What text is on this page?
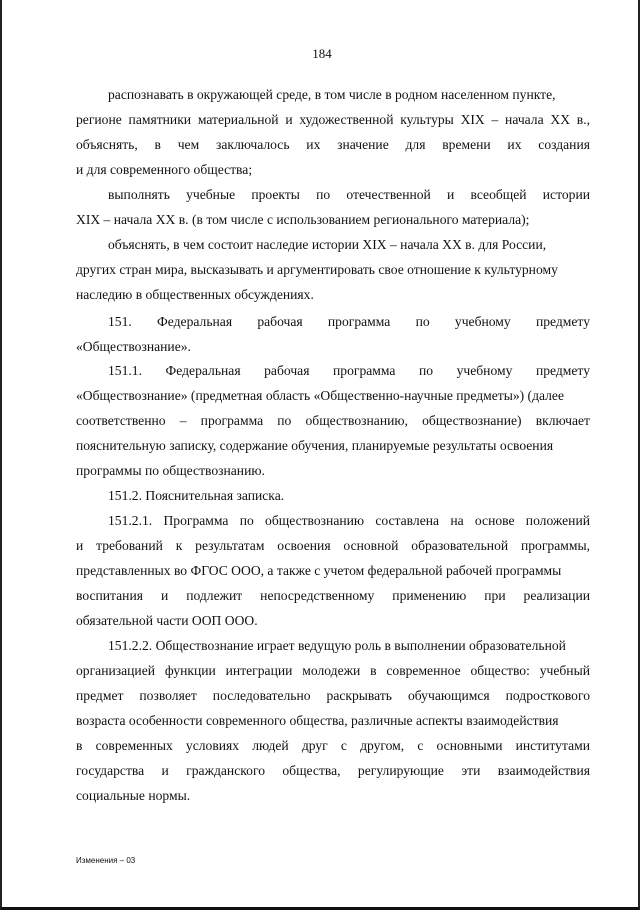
184
распознавать в окружающей среде, в том числе в родном населенном пункте,
регионе памятники материальной и художественной культуры XIX – начала XX в.,
объяснять, в чем заключалось их значение для времени их создания
и для современного общества;
выполнять учебные проекты по отечественной и всеобщей истории
XIX – начала XX в. (в том числе с использованием регионального материала);
объяснять, в чем состоит наследие истории XIX – начала XX в. для России,
других стран мира, высказывать и аргументировать свое отношение к культурному
наследию в общественных обсуждениях.
151. Федеральная рабочая программа по учебному предмету
«Обществознание».
151.1. Федеральная рабочая программа по учебному предмету
«Обществознание» (предметная область «Общественно-научные предметы») (далее
соответственно – программа по обществознанию, обществознание) включает
пояснительную записку, содержание обучения, планируемые результаты освоения
программы по обществознанию.
151.2. Пояснительная записка.
151.2.1. Программа по обществознанию составлена на основе положений
и требований к результатам освоения основной образовательной программы,
представленных во ФГОС ООО, а также с учетом федеральной рабочей программы
воспитания и подлежит непосредственному применению при реализации
обязательной части ООП ООО.
151.2.2. Обществознание играет ведущую роль в выполнении образовательной
организацией функции интеграции молодежи в современное общество: учебный
предмет позволяет последовательно раскрывать обучающимся подросткового
возраста особенности современного общества, различные аспекты взаимодействия
в современных условиях людей друг с другом, с основными институтами
государства и гражданского общества, регулирующие эти взаимодействия
социальные нормы.
Изменения – 03
